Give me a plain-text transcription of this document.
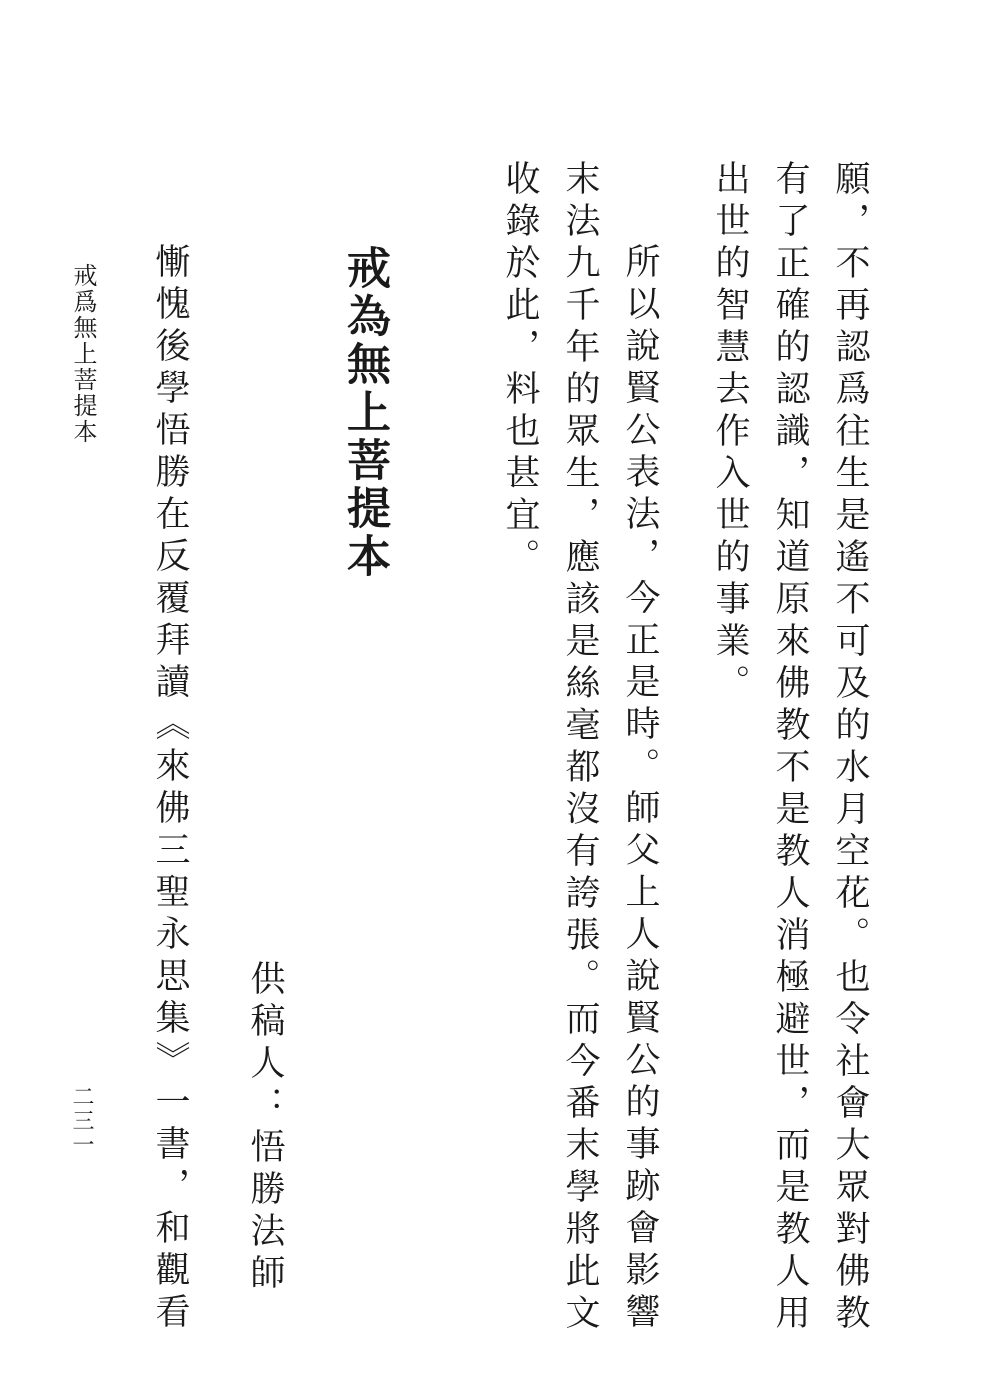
願，不再認爲往生是遙不可及的水月空花。也令社會大眾對佛教

有了正確的認識，知道原來佛教不是教人消極避世，而是教人用

出世的智慧去作入世的事業。

所以說賢公表法，今正是時。師父上人說賢公的事跡會影響

末法九千年的眾生，應該是絲毫都沒有誇張。而今番末學將此文

收錄於此，料也甚宜。

戒為無上菩提本

供稿人：悟勝法師

慚愧後學悟勝在反覆拜讀《來佛三聖永思集》一書，和觀看

戒爲無上菩提本
二三一
